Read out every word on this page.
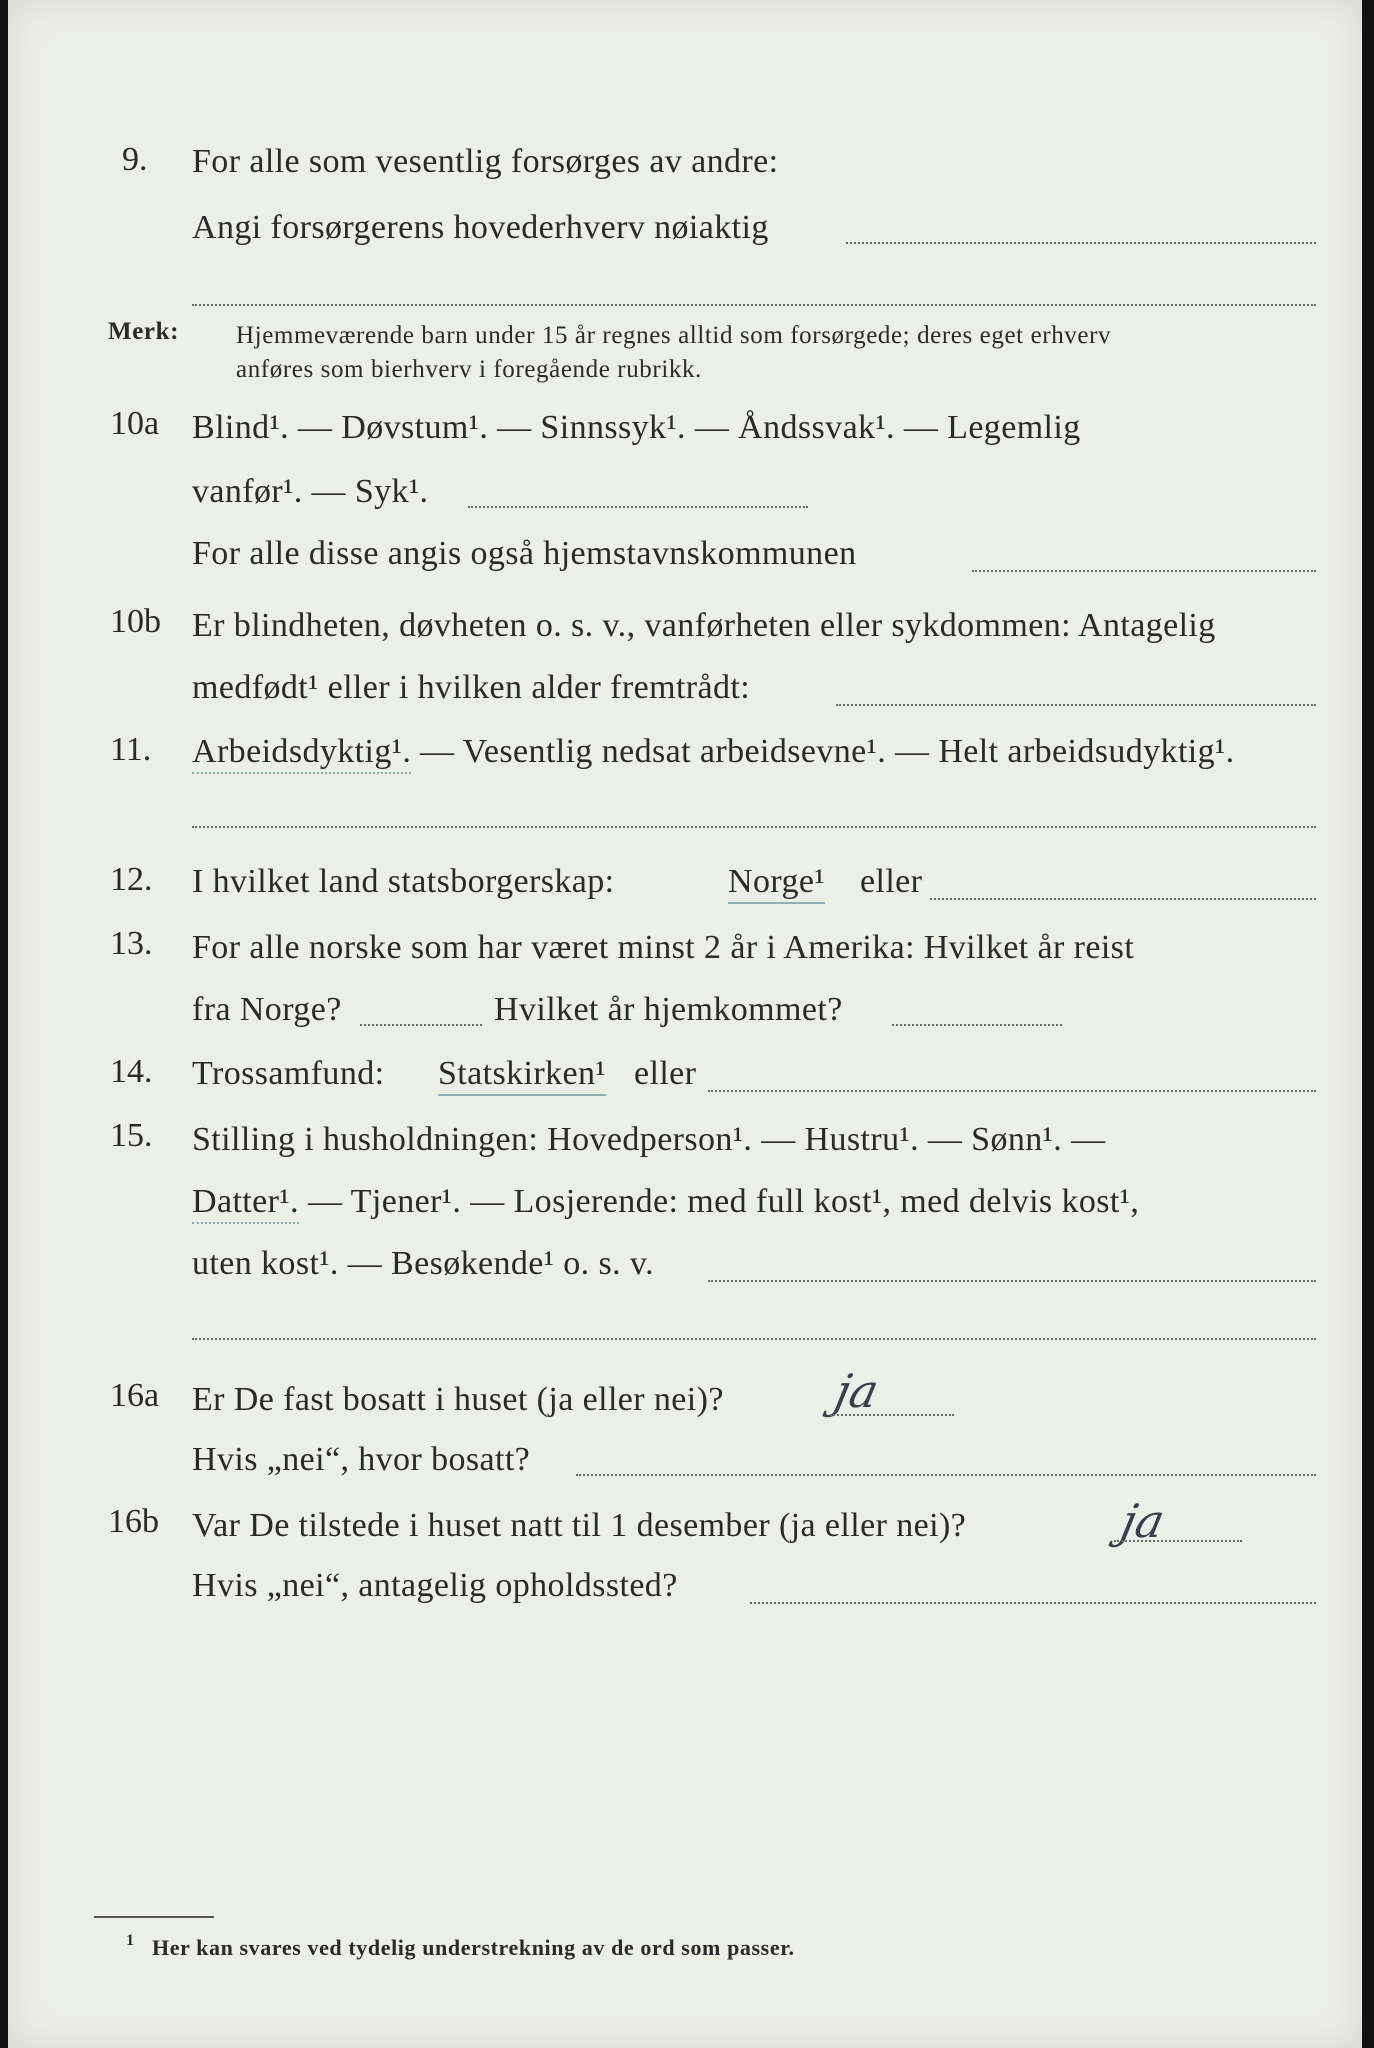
9. For alle som vesentlig forsørges av andre:
Angi forsørgerens hovederhverv nøiaktig
Merk: Hjemmeværende barn under 15 år regnes alltid som forsørgede; deres eget erhverv
anføres som bierhverv i foregående rubrikk.
10a Blind¹. — Døvstum¹. — Sinnssyk¹. — Åndssvak¹. — Legemlig
vanfør¹. — Syk¹.
For alle disse angis også hjemstavnskommunen
10b Er blindheten, døvheten o. s. v., vanførheten eller sykdommen: Antagelig
medfødt¹ eller i hvilken alder fremtrådt:
11. Arbeidsdyktig¹. — Vesentlig nedsat arbeidsevne¹. — Helt arbeidsudyktig¹.
12. I hvilket land statsborgerskap:	Norge¹ eller
13. For alle norske som har været minst 2 år i Amerika: Hvilket år reist
fra Norge?	Hvilket år hjemkommet?
14. Trossamfund: Statskirken¹ eller
15. Stilling i husholdningen: Hovedperson¹. — Hustru¹. — Sønn¹. —
Datter¹. — Tjener¹. — Losjerende: med full kost¹, med delvis kost¹,
uten kost¹. — Besøkende¹ o. s. v.
16a Er De fast bosatt i huset (ja eller nei)? ja
Hvis „nei“, hvor bosatt?
16b Var De tilstede i huset natt til 1 desember (ja eller nei)?	ja
Hvis „nei“, antagelig opholdssted?
1 Her kan svares ved tydelig understrekning av de ord som passer.
